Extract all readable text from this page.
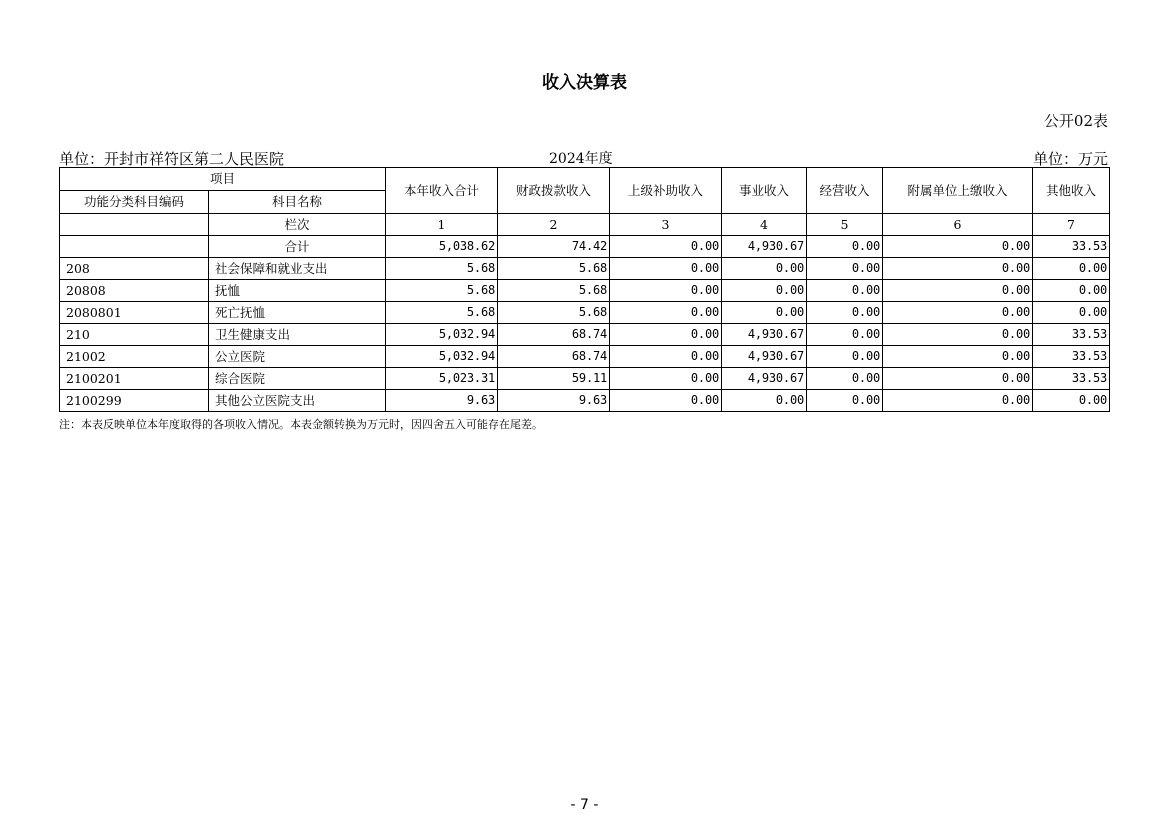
收入决算表
公开02表
单位：开封市祥符区第二人民医院	2024年度	单位：万元
项目		本年收入合计	财政拨款收入	上级补助收入	事业收入	经营收入	附属单位上缴收入	其他收入
功能分类科目编码	科目名称							
	栏次	1	2	3	4	5	6	7
	合计	5,038.62	74.42	0.00	4,930.67	0.00	0.00	33.53
208	社会保障和就业支出	5.68	5.68	0.00	0.00	0.00	0.00	0.00
20808	抚恤	5.68	5.68	0.00	0.00	0.00	0.00	0.00
2080801	死亡抚恤	5.68	5.68	0.00	0.00	0.00	0.00	0.00
210	卫生健康支出	5,032.94	68.74	0.00	4,930.67	0.00	0.00	33.53
21002	公立医院	5,032.94	68.74	0.00	4,930.67	0.00	0.00	33.53
2100201	综合医院	5,023.31	59.11	0.00	4,930.67	0.00	0.00	33.53
2100299	其他公立医院支出	9.63	9.63	0.00	0.00	0.00	0.00	0.00
注：本表反映单位本年度取得的各项收入情况。本表金额转换为万元时，因四舍五入可能存在尾差。
- 7 -
